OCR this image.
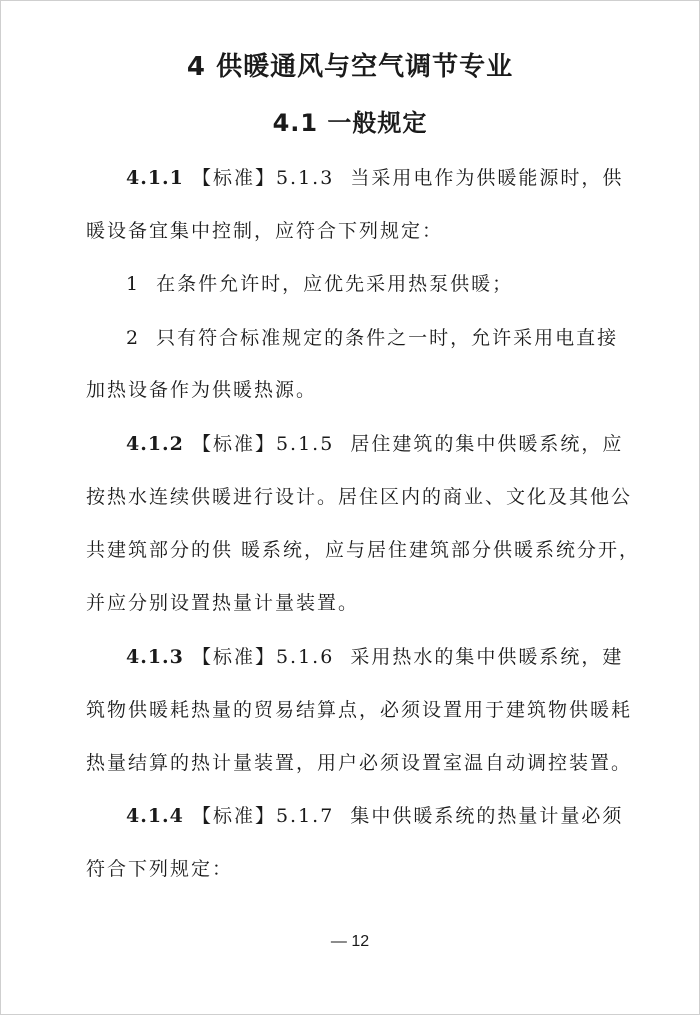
4 供暖通风与空气调节专业
4.1 一般规定
4.1.1 【标准】5.1.3  当采用电作为供暖能源时，供
暖设备宜集中控制，应符合下列规定：
1  在条件允许时，应优先采用热泵供暖；
2  只有符合标准规定的条件之一时，允许采用电直接
加热设备作为供暖热源。
4.1.2 【标准】5.1.5  居住建筑的集中供暖系统，应
按热水连续供暖进行设计。居住区内的商业、文化及其他公
共建筑部分的供 暖系统，应与居住建筑部分供暖系统分开，
并应分别设置热量计量装置。
4.1.3 【标准】5.1.6  采用热水的集中供暖系统，建
筑物供暖耗热量的贸易结算点，必须设置用于建筑物供暖耗
热量结算的热计量装置，用户必须设置室温自动调控装置。
4.1.4 【标准】5.1.7  集中供暖系统的热量计量必须
符合下列规定：
— 12
